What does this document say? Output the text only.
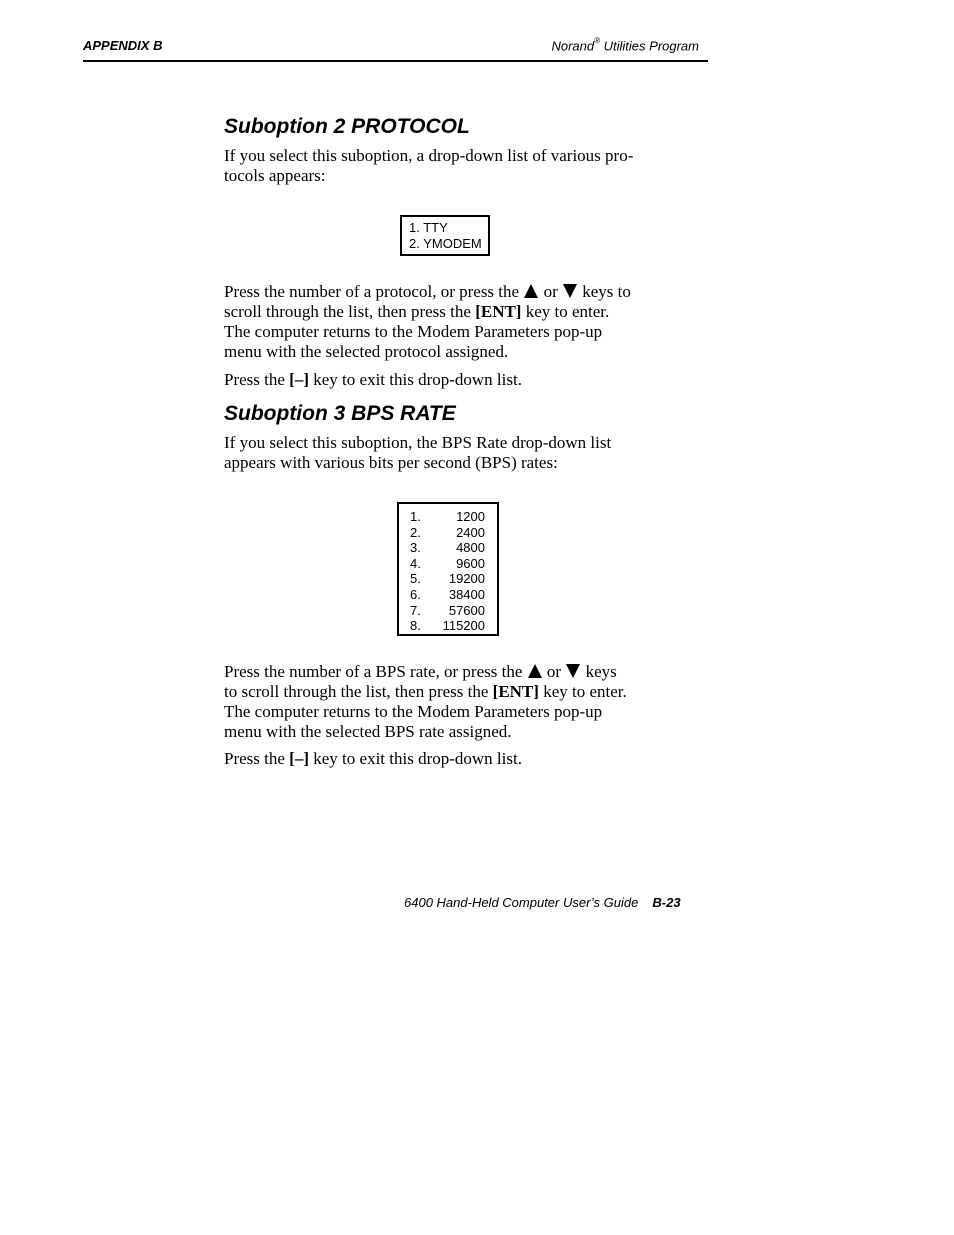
APPENDIX B	Norand® Utilities Program
Suboption 2 PROTOCOL
If you select this suboption, a drop-down list of various pro-
tocols appears:
1. TTY
2. YMODEM
Press the number of a protocol, or press the or keys to
scroll through the list, then press the [ENT] key to enter.
The computer returns to the Modem Parameters pop-up
menu with the selected protocol assigned.
Press the [–] key to exit this drop-down list.
Suboption 3 BPS RATE
If you select this suboption, the BPS Rate drop-down list
appears with various bits per second (BPS) rates:
1.	1200
2.	2400
3.	4800
4.	9600
5. 19200
6. 38400
7. 57600
8. 115200
Press the number of a BPS rate, or press the or keys
to scroll through the list, then press the [ENT] key to enter.
The computer returns to the Modem Parameters pop-up
menu with the selected BPS rate assigned.
Press the [–] key to exit this drop-down list.
6400 Hand-Held Computer User’s Guide B-23
